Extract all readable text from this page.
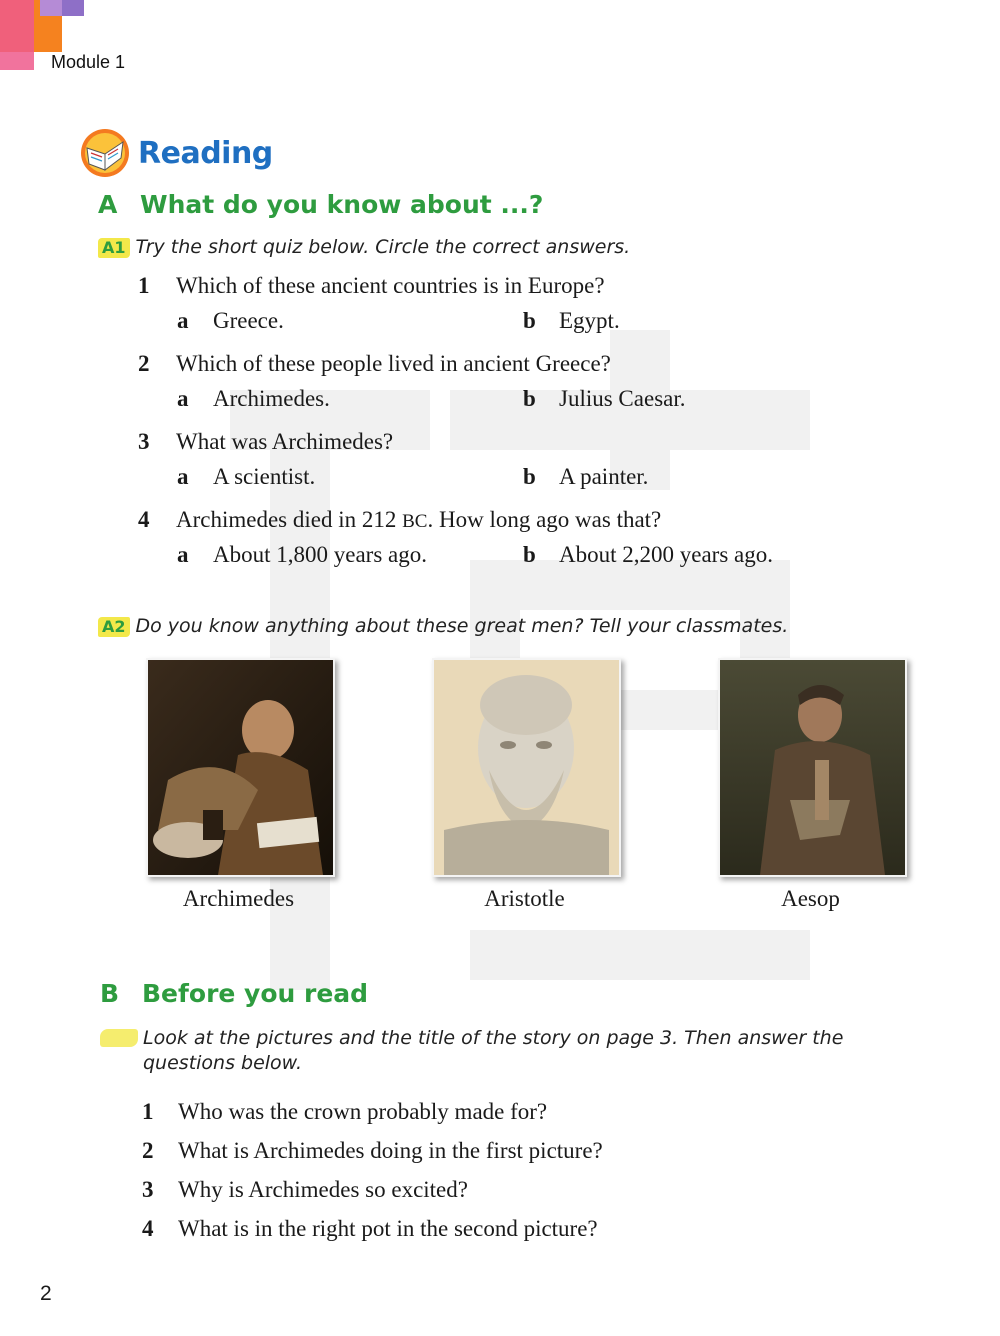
Module 1
Reading
A What do you know about ...?
A1 Try the short quiz below. Circle the correct answers.
1 Which of these ancient countries is in Europe?
a Greece.	b Egypt.
2 Which of these people lived in ancient Greece?
a Archimedes.	b Julius Caesar.
3 What was Archimedes?
a A scientist.	b A painter.
4 Archimedes died in 212 BC. How long ago was that?
a About 1,800 years ago.	b About 2,200 years ago.
A2 Do you know anything about these great men? Tell your classmates.
Archimedes	Aristotle	Aesop
B Before you read
Look at the pictures and the title of the story on page 3. Then answer the questions below.
1 Who was the crown probably made for?
2 What is Archimedes doing in the first picture?
3 Why is Archimedes so excited?
4 What is in the right pot in the second picture?
2
